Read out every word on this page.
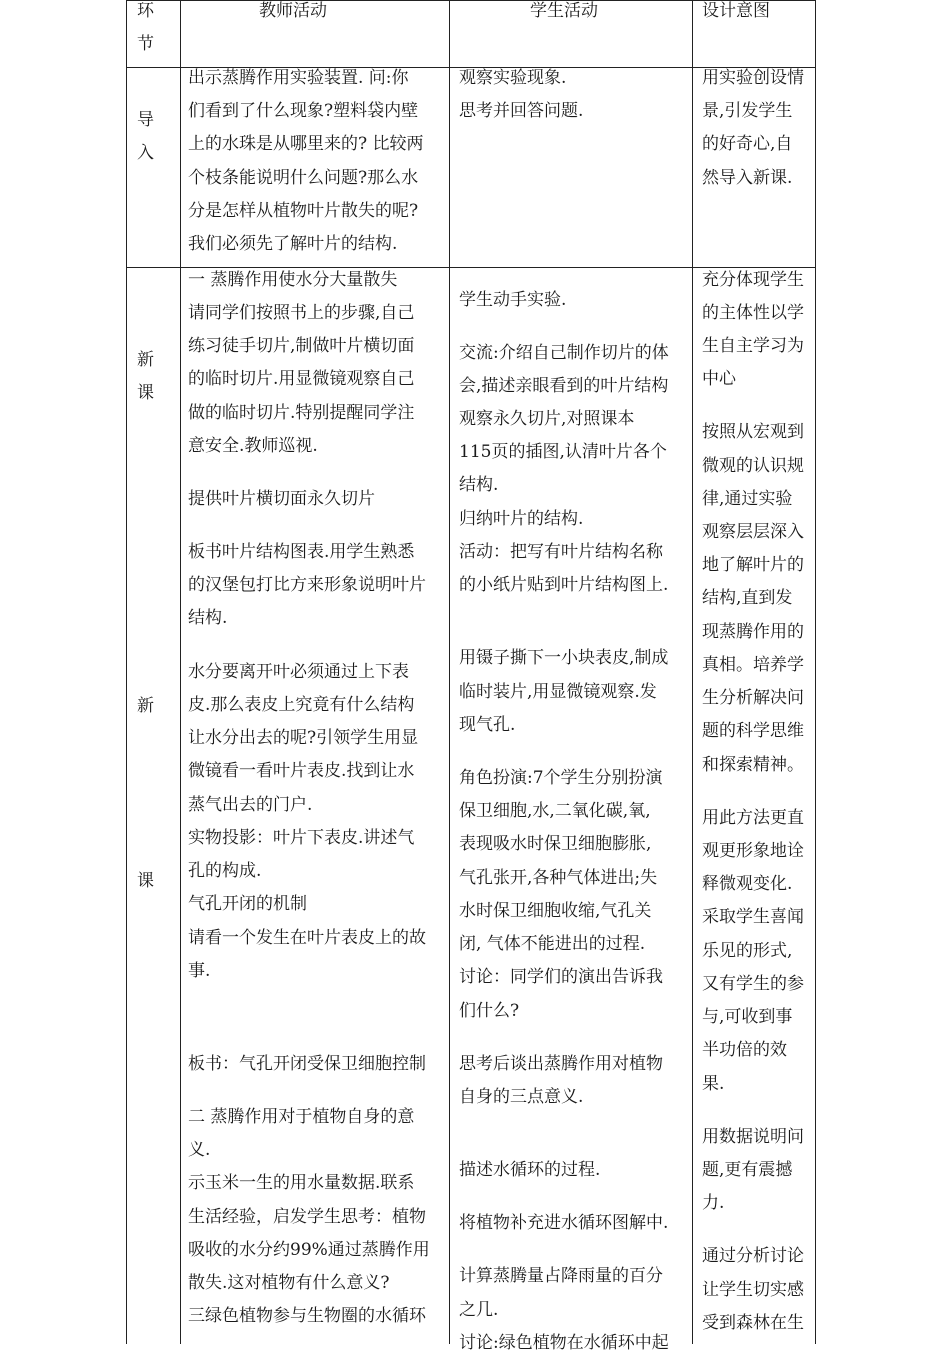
环
节
教师活动	学生活动	设计意图
导
入
出示蒸腾作用实验装置. 问:你
们看到了什么现象?塑料袋内壁
上的水珠是从哪里来的? 比较两
个枝条能说明什么问题?那么水
分是怎样从植物叶片散失的呢?
我们必须先了解叶片的结构.
观察实验现象.
思考并回答问题.
用实验创设情
景,引发学生
的好奇心,自
然导入新课.
新
课
新
课
一 蒸腾作用使水分大量散失
请同学们按照书上的步骤,自己
练习徒手切片,制做叶片横切面
的临时切片.用显微镜观察自己
做的临时切片.特别提醒同学注
意安全.教师巡视.
提供叶片横切面永久切片
板书叶片结构图表.用学生熟悉
的汉堡包打比方来形象说明叶片
结构.
水分要离开叶必须通过上下表
皮.那么表皮上究竟有什么结构
让水分出去的呢?引领学生用显
微镜看一看叶片表皮.找到让水
蒸气出去的门户.
实物投影：叶片下表皮.讲述气
孔的构成.
气孔开闭的机制
请看一个发生在叶片表皮上的故
事.
板书：气孔开闭受保卫细胞控制
二 蒸腾作用对于植物自身的意
义.
示玉米一生的用水量数据.联系
生活经验，启发学生思考：植物
吸收的水分约99%通过蒸腾作用
散失.这对植物有什么意义?
三绿色植物参与生物圈的水循环
学生动手实验.
交流:介绍自己制作切片的体
会,描述亲眼看到的叶片结构
观察永久切片,对照课本
115页的插图,认清叶片各个
结构.
归纳叶片的结构.
活动：把写有叶片结构名称
的小纸片贴到叶片结构图上.
用镊子撕下一小块表皮,制成
临时装片,用显微镜观察.发
现气孔.
角色扮演:7个学生分别扮演
保卫细胞,水,二氧化碳,氧,
表现吸水时保卫细胞膨胀,
气孔张开,各种气体进出;失
水时保卫细胞收缩,气孔关
闭, 气体不能进出的过程.
讨论：同学们的演出告诉我
们什么?
思考后谈出蒸腾作用对植物
自身的三点意义.
描述水循环的过程.
将植物补充进水循环图解中.
计算蒸腾量占降雨量的百分
之几.
讨论:绿色植物在水循环中起
充分体现学生
的主体性以学
生自主学习为
中心
按照从宏观到
微观的认识规
律,通过实验
观察层层深入
地了解叶片的
结构,直到发
现蒸腾作用的
真相。培养学
生分析解决问
题的科学思维
和探索精神。
用此方法更直
观更形象地诠
释微观变化.
采取学生喜闻
乐见的形式,
又有学生的参
与,可收到事
半功倍的效
果.
用数据说明问
题,更有震撼
力.
通过分析讨论
让学生切实感
受到森林在生
